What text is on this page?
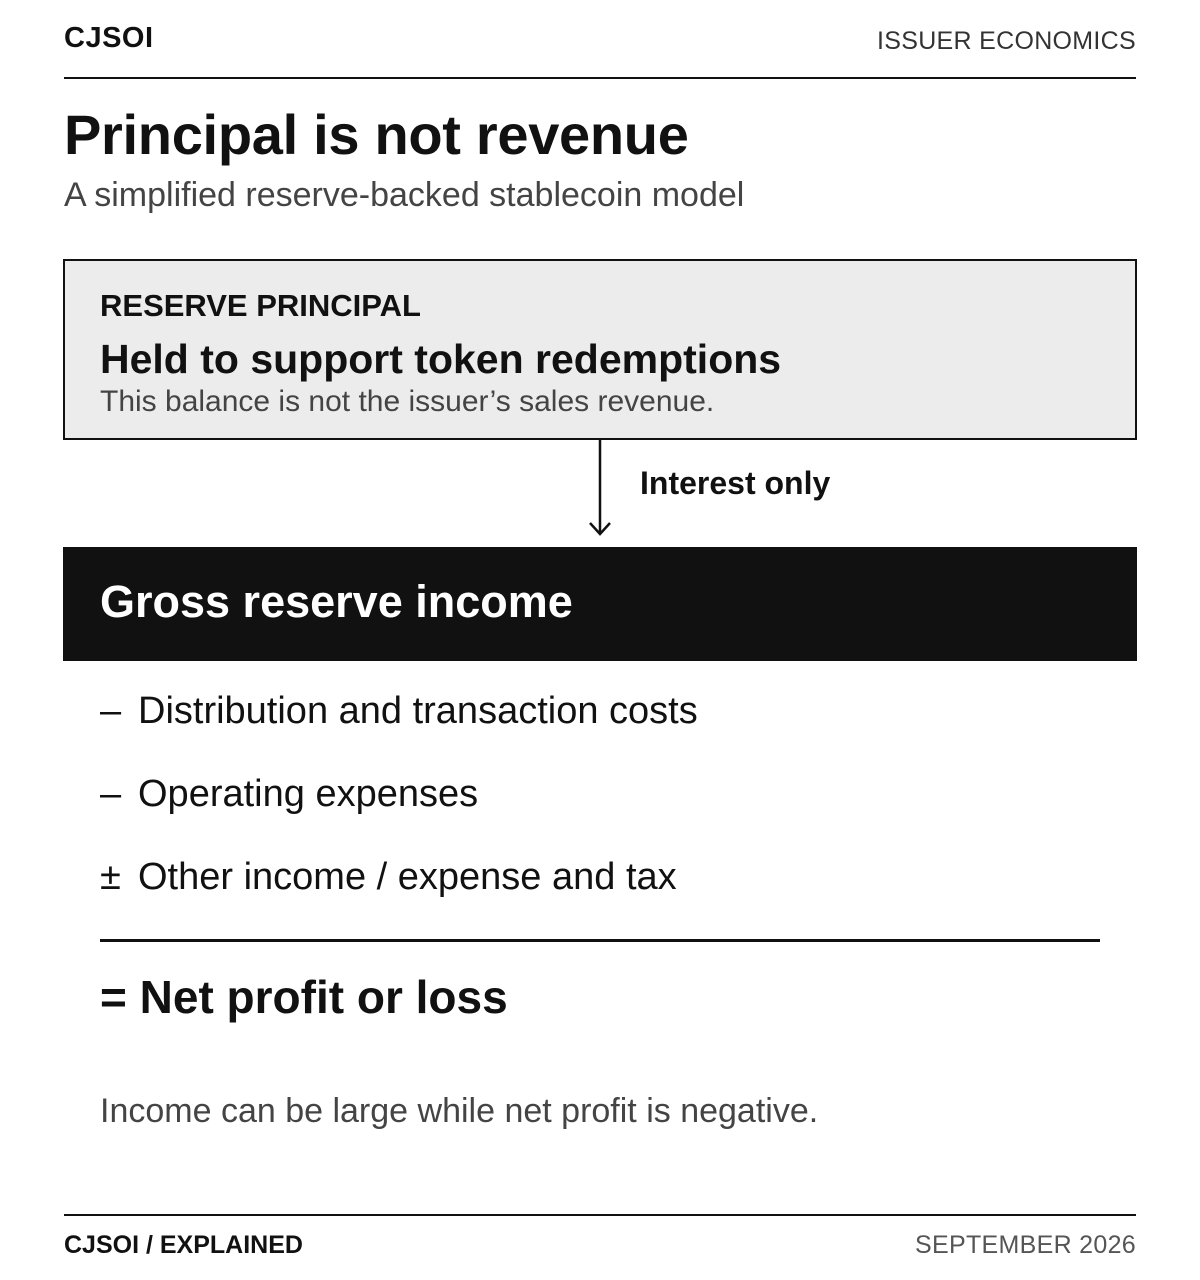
CJSOI	ISSUER ECONOMICS
Principal is not revenue
A simplified reserve-backed stablecoin model
RESERVE PRINCIPAL
Held to support token redemptions
This balance is not the issuer’s sales revenue.
Interest only
Gross reserve income
– Distribution and transaction costs
– Operating expenses
± Other income / expense and tax
= Net profit or loss
Income can be large while net profit is negative.
CJSOI / EXPLAINED	SEPTEMBER 2026
